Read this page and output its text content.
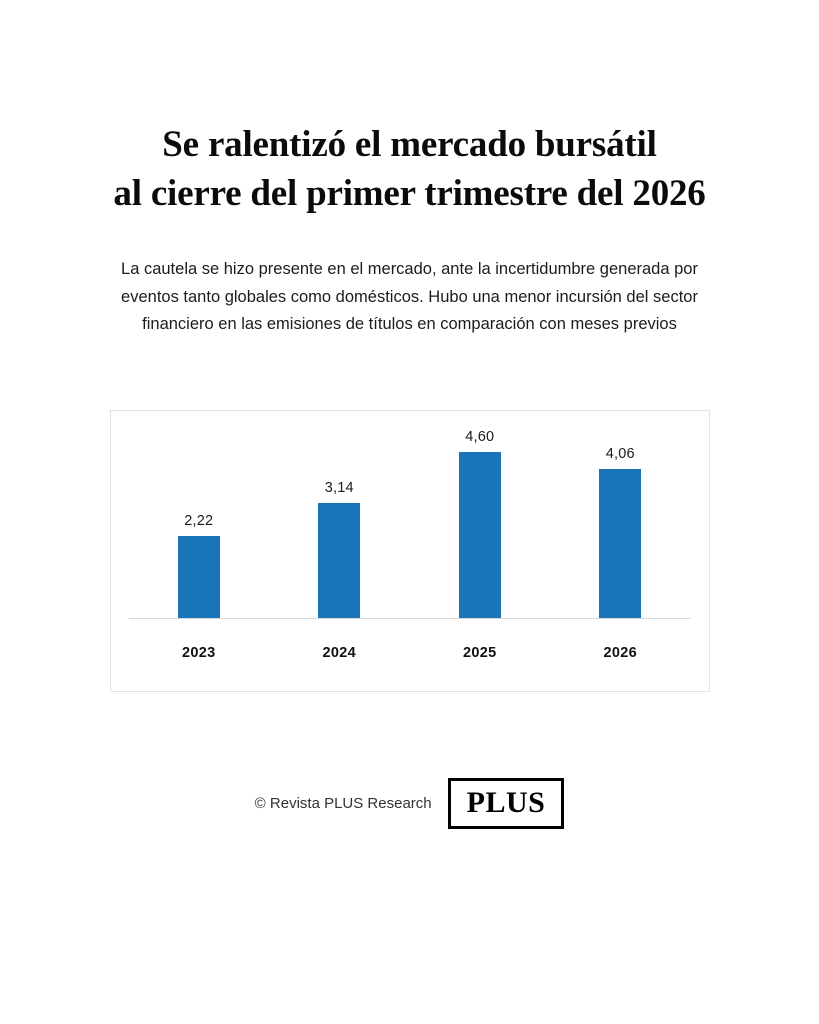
Se ralentizó el mercado bursátil
al cierre del primer trimestre del 2026

La cautela se hizo presente en el mercado, ante la incertidumbre generada por eventos tanto globales como domésticos. Hubo una menor incursión del sector financiero en las emisiones de títulos en comparación con meses previos

2,22
3,14
4,60
4,06
2023	2024	2025	2026
© Revista PLUS Research	PLUS
